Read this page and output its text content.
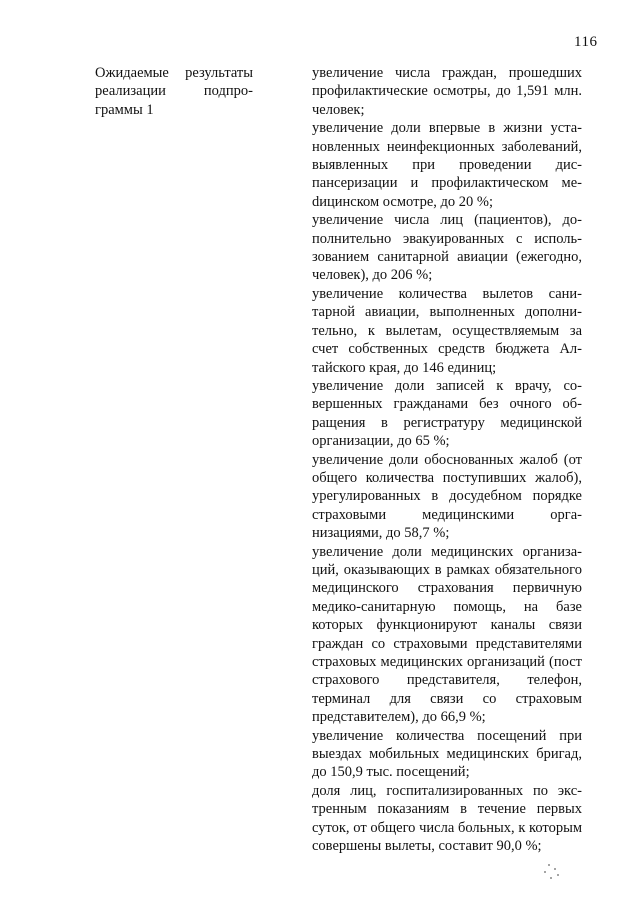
116
Ожидаемые результаты реализации подпрограммы 1

увеличение числа граждан, прошедших профилактические осмотры, до 1,591 млн. человек;

увеличение доли впервые в жизни установленных неинфекционных заболеваний, выявленных при проведении диспансеризации и профилактическом меdицинском осмотре, до 20 %;

увеличение числа лиц (пациентов), дополнительно эвакуированных с использованием санитарной авиации (ежегодно, человек), до 206 %;

увеличение количества вылетов санитарной авиации, выполненных дополнительно, к вылетам, осуществляемым за счет собственных средств бюджета Алтайского края, до 146 единиц;

увеличение доли записей к врачу, совершенных гражданами без очного обращения в регистратуру медицинской организации, до 65 %;

увеличение доли обоснованных жалоб (от общего количества поступивших жалоб), урегулированных в досудебном порядке страховыми медицинскими организациями, до 58,7 %;

увеличение доли медицинских организаций, оказывающих в рамках обязательного медицинского страхования первичную медико-санитарную помощь, на базе которых функционируют каналы связи граждан со страховыми представителями страховых медицинских организаций (пост страхового представителя, телефон, терминал для связи со страховым представителем), до 66,9 %;

увеличение количества посещений при выездах мобильных медицинских бригад, до 150,9 тыс. посещений;

доля лиц, госпитализированных по экстренным показаниям в течение первых суток, от общего числа больных, к которым совершены вылеты, составит 90,0 %;
